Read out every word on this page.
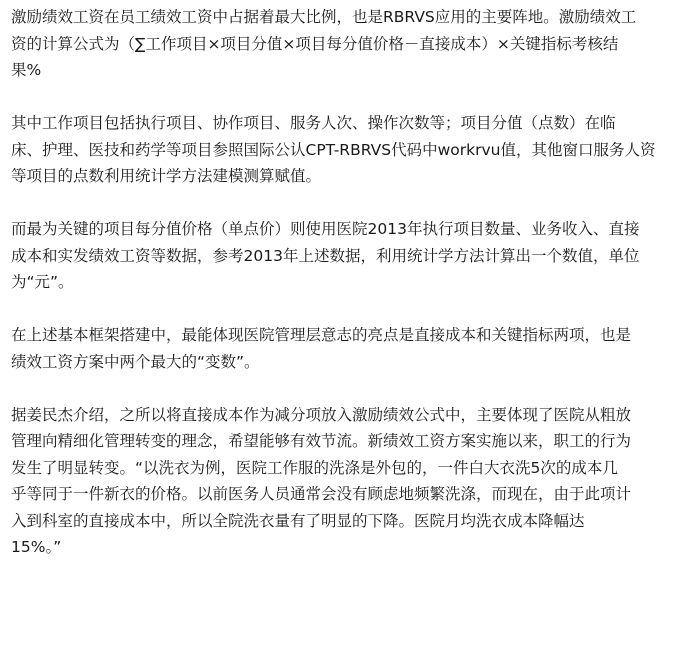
激励绩效工资在员工绩效工资中占据着最大比例，也是RBRVS应用的主要阵地。激励绩效工
资的计算公式为（∑工作项目×项目分值×项目每分值价格－直接成本）×关键指标考核结
果%

其中工作项目包括执行项目、协作项目、服务人次、操作次数等；项目分值（点数）在临
床、护理、医技和药学等项目参照国际公认CPT-RBRVS代码中workrvu值，其他窗口服务人资
等项目的点数利用统计学方法建模测算赋值。

而最为关键的项目每分值价格（单点价）则使用医院2013年执行项目数量、业务收入、直接
成本和实发绩效工资等数据，参考2013年上述数据，利用统计学方法计算出一个数值，单位
为“元”。

在上述基本框架搭建中，最能体现医院管理层意志的亮点是直接成本和关键指标两项，也是
绩效工资方案中两个最大的“变数”。

据姜民杰介绍，之所以将直接成本作为减分项放入激励绩效公式中，主要体现了医院从粗放
管理向精细化管理转变的理念，希望能够有效节流。新绩效工资方案实施以来，职工的行为
发生了明显转变。“以洗衣为例，医院工作服的洗涤是外包的，一件白大衣洗5次的成本几
乎等同于一件新衣的价格。以前医务人员通常会没有顾虑地频繁洗涤，而现在，由于此项计
入到科室的直接成本中，所以全院洗衣量有了明显的下降。医院月均洗衣成本降幅达
15%。”
